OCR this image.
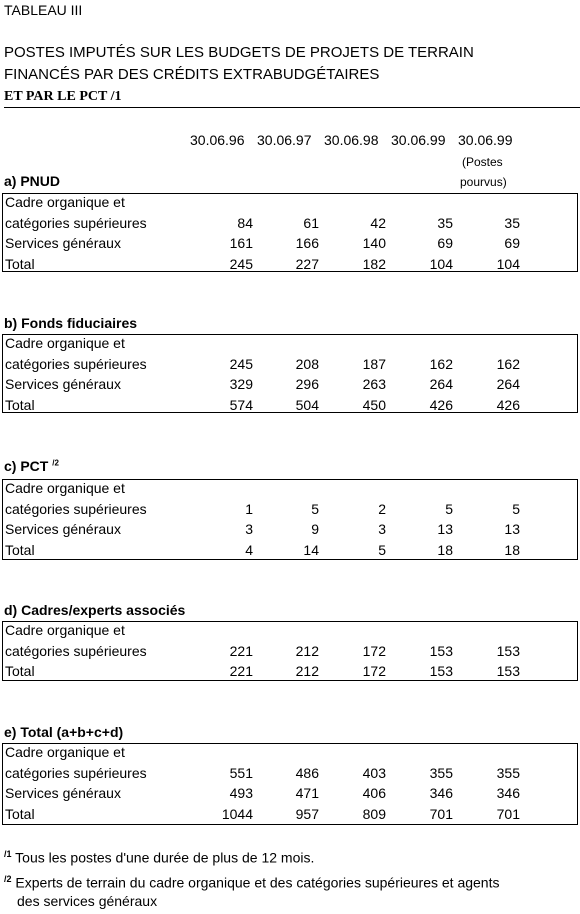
TABLEAU III
POSTES IMPUTÉS SUR LES BUDGETS DE PROJETS DE TERRAIN
FINANCÉS PAR DES CRÉDITS EXTRABUDGÉTAIRES
ET PAR LE PCT /1
30.06.96 30.06.97 30.06.98 30.06.99 30.06.99
(Postes
pourvus)
a) PNUD
Cadre organique et
catégories supérieures	84	61	42	35	35
Services généraux	161	166	140	69	69
Total	245	227	182	104	104
b) Fonds fiduciaires
Cadre organique et
catégories supérieures	245	208	187	162	162
Services généraux	329	296	263	264	264
Total	574	504	450	426	426
c) PCT $^{/2}$
Cadre organique et
catégories supérieures	1	5	2	5	5
Services généraux	3	9	3	13	13
Total	4	14	5	18	18
d) Cadres/experts associés
Cadre organique et
catégories supérieures	221	212	172	153	153
Total	221	212	172	153	153
e) Total (a+b+c+d)
Cadre organique et
catégories supérieures	551	486	403	355	355
Services généraux	493	471	406	346	346
Total	1044	957	809	701	701
$^{/1}$ Tous les postes d'une durée de plus de 12 mois.
$^{/2}$ Experts de terrain du cadre organique et des catégories supérieures et agents
des services généraux
